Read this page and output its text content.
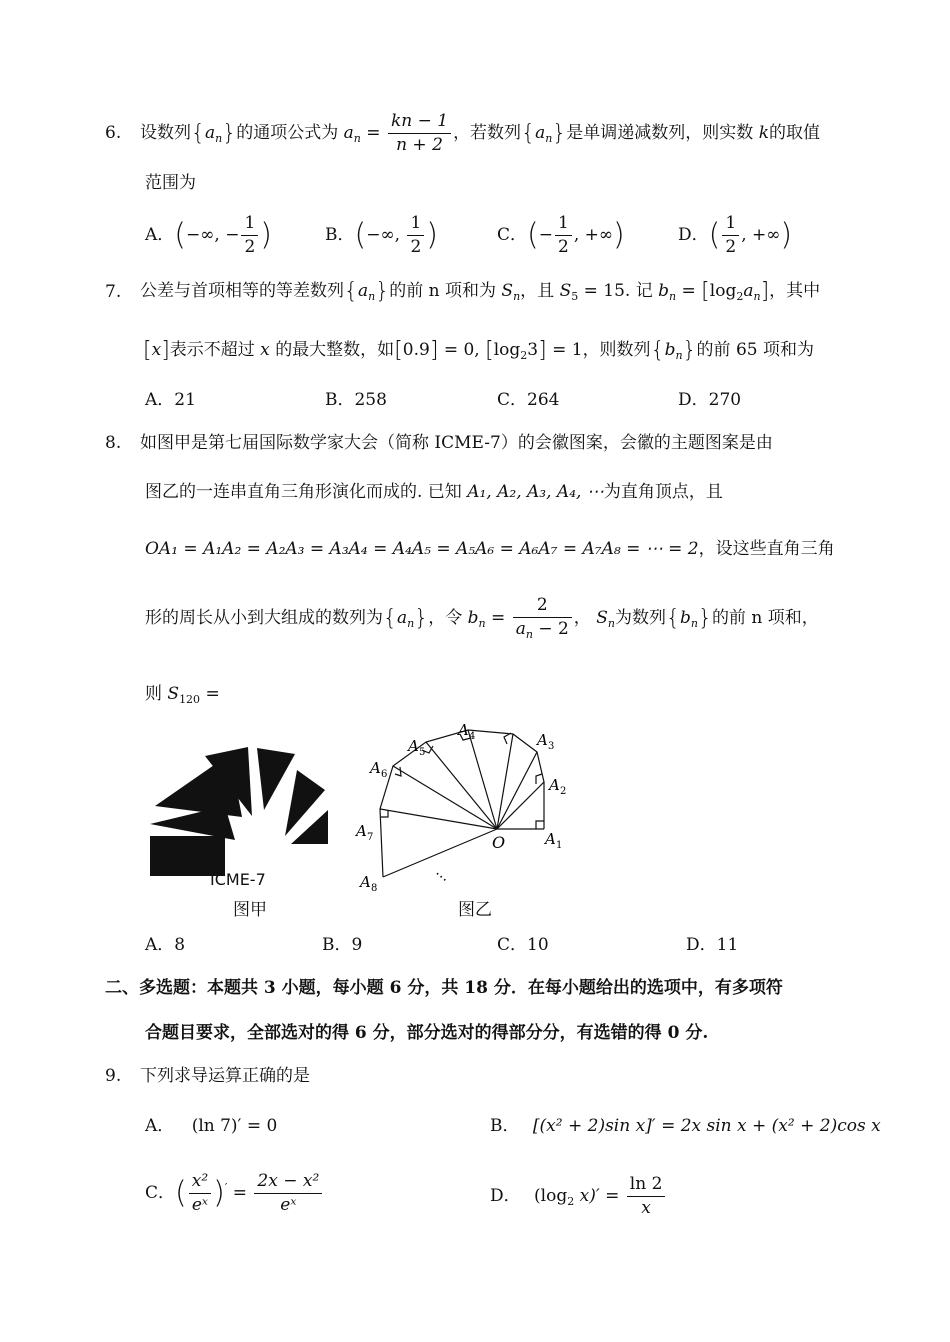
6. 设数列$\{a_n\}$的通项公式为 $a_n = \frac{kn - 1}{n + 2}$ ，若数列$\{a_n\}$是单调递减数列，则实数 k的取值
范围为
A．(−∞, − $\frac{1}{2}$ )	B．(−∞, $\frac{1}{2}$ )	C．(− $\frac{1}{2}$ , +∞)	D．( $\frac{1}{2}$ , +∞)
7. 公差与首项相等的等差数列$\{a_n\}$的前 n 项和为 $S_n$，且 $S_5 = 15$. 记 $b_n = [\log_2a_n]$，其中
[x]表示不超过 x 的最大整数，如[0.9] = 0, $[\log_23] = 1$，则数列$\{b_n\}$的前 65 项和为
A．21	B．258	C．264	D．270
8. 如图甲是第七届国际数学家大会（简称 ICME-7）的会徽图案，会徽的主题图案是由
图乙的一连串直角三角形演化而成的. 已知 A₁, A₂, A₃, A₄, ⋯为直角顶点，且
OA₁ = A₁A₂ = A₂A₃ = A₃A₄ = A₄A₅ = A₅A₆ = A₆A₇ = A₇A₈ = ⋯ = 2，设这些直角三角
形的周长从小到大组成的数列为$\{a_n\}$，令 $b_n = \frac{2}{a_n - 2}$ ， $S_n$为数列$\{b_n\}$的前 n 项和，
则 $S_{120}$ =
ICME-7
图甲
A 1
A 2
A 3
A 4
A 5
A 6
A 7
A 8
O
⋯
图乙
A．8	B．9	C．10	D．11
二、多选题：本题共 3 小题，每小题 6 分，共 18 分．在每小题给出的选项中，有多项符
合题目要求，全部选对的得 6 分，部分选对的得部分分，有选错的得 0 分.
9. 下列求导运算正确的是
A． (ln 7)′ = 0	B． [(x² + 2)sin x]′ = 2x sin x + (x² + 2)cos x
C．( $\frac{\text{x²}}{\text{eˣ}} )' = \frac{\text{2x − x²}}{\text{eˣ}}$	D． ($\log_2$ $x)' = \frac{\ln 2}{x}$
